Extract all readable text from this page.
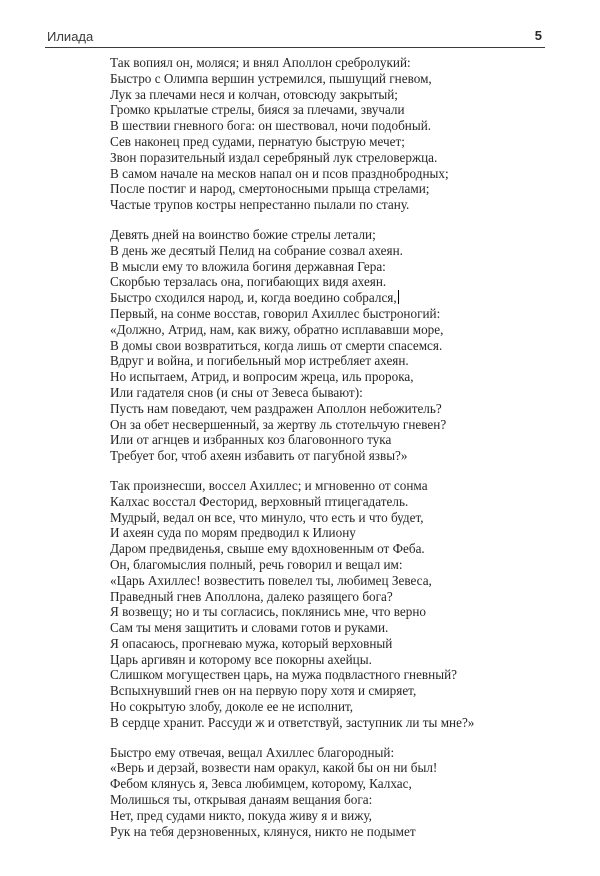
Илиада	5
Так вопиял он, моляся; и внял Аполлон сребролукий:
Быстро с Олимпа вершин устремился, пышущий гневом,
Лук за плечами неся и колчан, отовсюду закрытый;
Громко крылатые стрелы, бияся за плечами, звучали
В шествии гневного бога: он шествовал, ночи подобный.
Сев наконец пред судами, пернатую быструю мечет;
Звон поразительный издал серебряный лук стреловержца.
В самом начале на месков напал он и псов празднобродных;
После постиг и народ, смертоносными прыща стрелами;
Частые трупов костры непрестанно пылали по стану.
Девять дней на воинство божие стрелы летали;
В день же десятый Пелид на собрание созвал ахеян.
В мысли ему то вложила богиня державная Гера:
Скорбью терзалась она, погибающих видя ахеян.
Быстро сходился народ, и, когда воедино собрался,
Первый, на сонме восстав, говорил Ахиллес быстроногий:
«Должно, Атрид, нам, как вижу, обратно исплававши море,
В домы свои возвратиться, когда лишь от смерти спасемся.
Вдруг и война, и погибельный мор истребляет ахеян.
Но испытаем, Атрид, и вопросим жреца, иль пророка,
Или гадателя снов (и сны от Зевеса бывают):
Пусть нам поведают, чем раздражен Аполлон небожитель?
Он за обет несвершенный, за жертву ль стотельчую гневен?
Или от агнцев и избранных коз благовонного тука
Требует бог, чтоб ахеян избавить от пагубной язвы?»
Так произнесши, воссел Ахиллес; и мгновенно от сонма
Калхас восстал Фесторид, верховный птицегадатель.
Мудрый, ведал он все, что минуло, что есть и что будет,
И ахеян суда по морям предводил к Илиону
Даром предвиденья, свыше ему вдохновенным от Феба.
Он, благомыслия полный, речь говорил и вещал им:
«Царь Ахиллес! возвестить повелел ты, любимец Зевеса,
Праведный гнев Аполлона, далеко разящего бога?
Я возвещу; но и ты согласись, поклянись мне, что верно
Сам ты меня защитить и словами готов и руками.
Я опасаюсь, прогневаю мужа, который верховный
Царь аргивян и которому все покорны ахейцы.
Слишком могуществен царь, на мужа подвластного гневный?
Вспыхнувший гнев он на первую пору хотя и смиряет,
Но сокрытую злобу, доколе ее не исполнит,
В сердце хранит. Рассуди ж и ответствуй, заступник ли ты мне?»
Быстро ему отвечая, вещал Ахиллес благородный:
«Верь и дерзай, возвести нам оракул, какой бы он ни был!
Фебом клянусь я, Зевса любимцем, которому, Калхас,
Молишься ты, открывая данаям вещания бога:
Нет, пред судами никто, покуда живу я и вижу,
Рук на тебя дерзновенных, клянуся, никто не подымет
